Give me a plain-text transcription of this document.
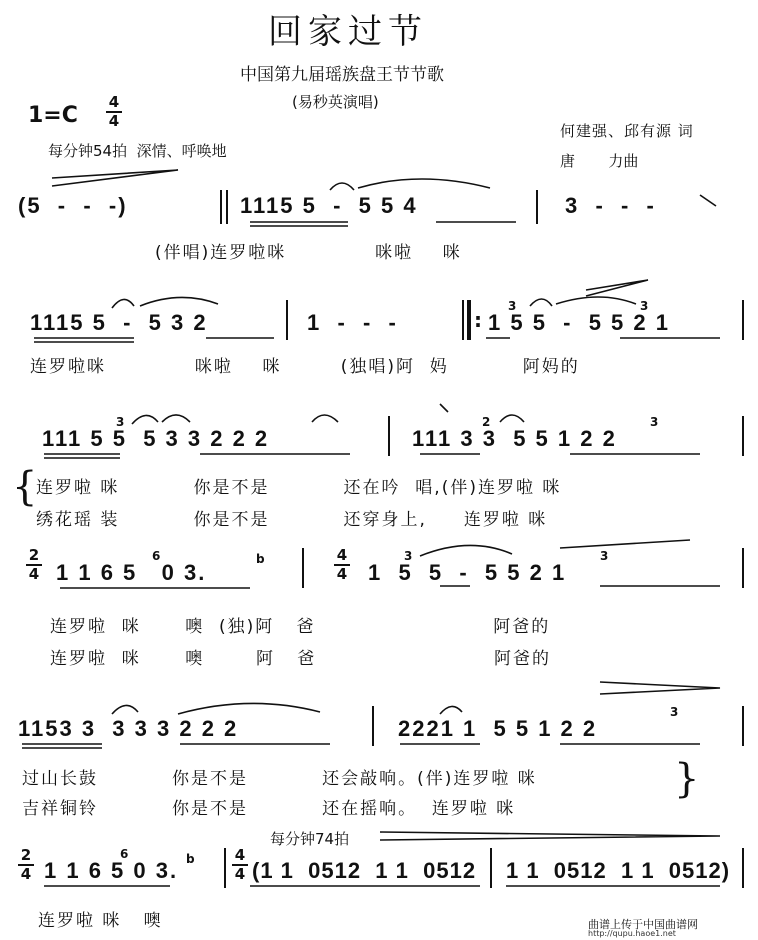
回家过节
中国第九届瑶族盘王节节歌
(易秒英演唱)
1=C
4
4
每分钟54拍  深情、呼唤地
何建强、邱有源 词
唐       力曲
(5  -  -  -)	1115 5  -  5 5 4	3  -  -  -
(伴唱)连罗啦咪            咪啦    咪
1115 5  -  5 3 2	1  -  -  -	1 5 5  -  5 5 2 1
:
3	3
连罗啦咪            咪啦    咪        (独唱)阿  妈          阿妈的
111 5 5  5 3 3 2 2 2	111 3 3  5 5 1 2 2
3	2	3
{
连罗啦 咪          你是不是          还在吟  唱,(伴)连罗啦 咪
绣花瑶 装          你是不是          还穿身上,     连罗啦 咪
2
4 1 1 6 5   0 3.
b	4
4 1  5  5  -  5 5 2 1
6	3	3
连罗啦  咪      噢  (独)阿   爸                        阿爸的
连罗啦  咪      噢       阿   爸                        阿爸的
1153 3  3 3 3 2 2 2	2221 1  5 5 1 2 2
3
过山长鼓          你是不是          还会敲响。(伴)连罗啦 咪
吉祥铜铃          你是不是          还在摇响。  连罗啦 咪
}
每分钟74拍
2
4 1 1 6 5 0 3. b
6	4
4 (1 1  0512  1 1  0512 1 1  0512  1 1  0512)
连罗啦 咪   噢	曲谱上传于中国曲谱网
http://qupu.haoe1.net
